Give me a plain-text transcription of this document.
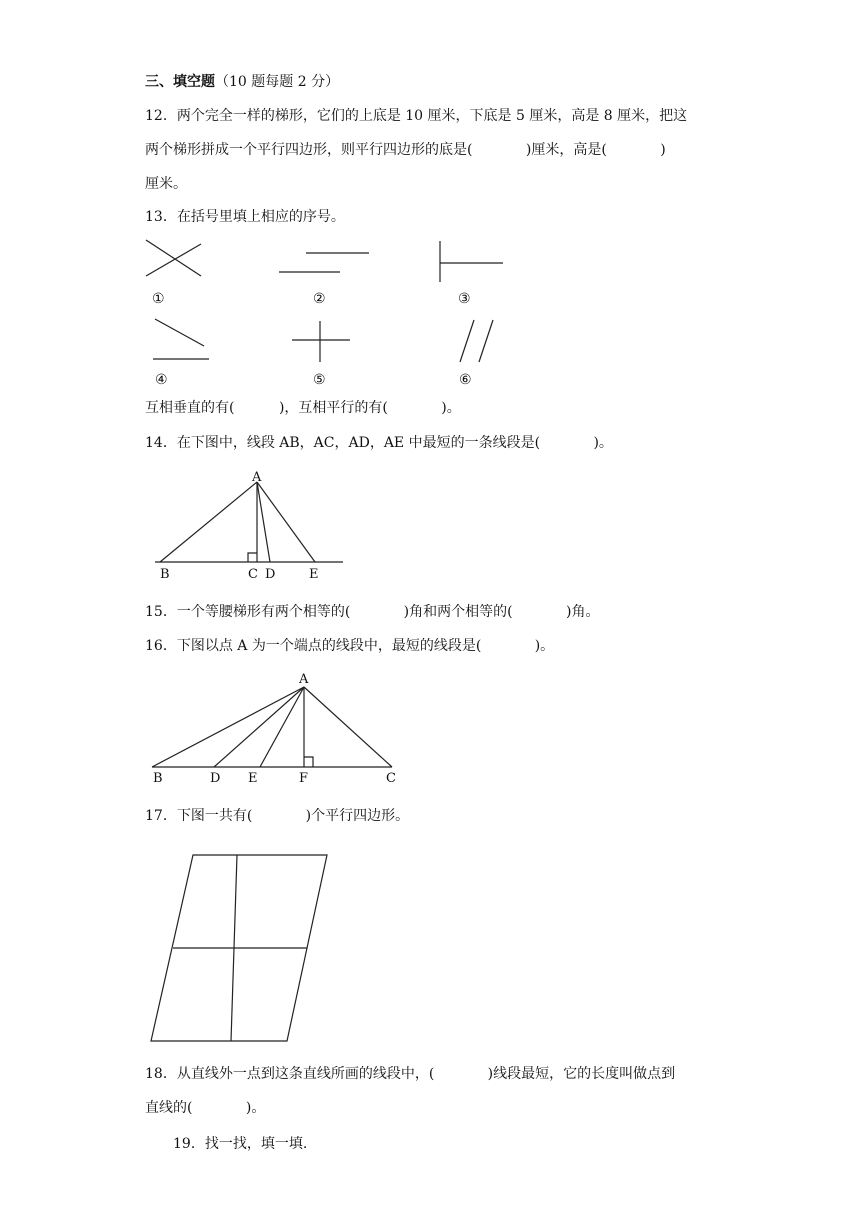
三、填空题（10 题每题 2 分）
12．两个完全一样的梯形，它们的上底是 10 厘米，下底是 5 厘米，高是 8 厘米，把这
两个梯形拼成一个平行四边形，则平行四边形的底是(            )厘米，高是(            )
厘米。
13．在括号里填上相应的序号。
①	②	③
④	⑤	⑥
互相垂直的有(          )，互相平行的有(            )。
14．在下图中，线段 AB，AC，AD，AE 中最短的一条线段是(            )。
A
B	C D	E
15．一个等腰梯形有两个相等的(            )角和两个相等的(            )角。
16．下图以点 A 为一个端点的线段中，最短的线段是(            )。
A
B	D E	F	C
17．下图一共有(            )个平行四边形。
18．从直线外一点到这条直线所画的线段中，(            )线段最短，它的长度叫做点到
直线的(            )。
19．找一找，填一填.
